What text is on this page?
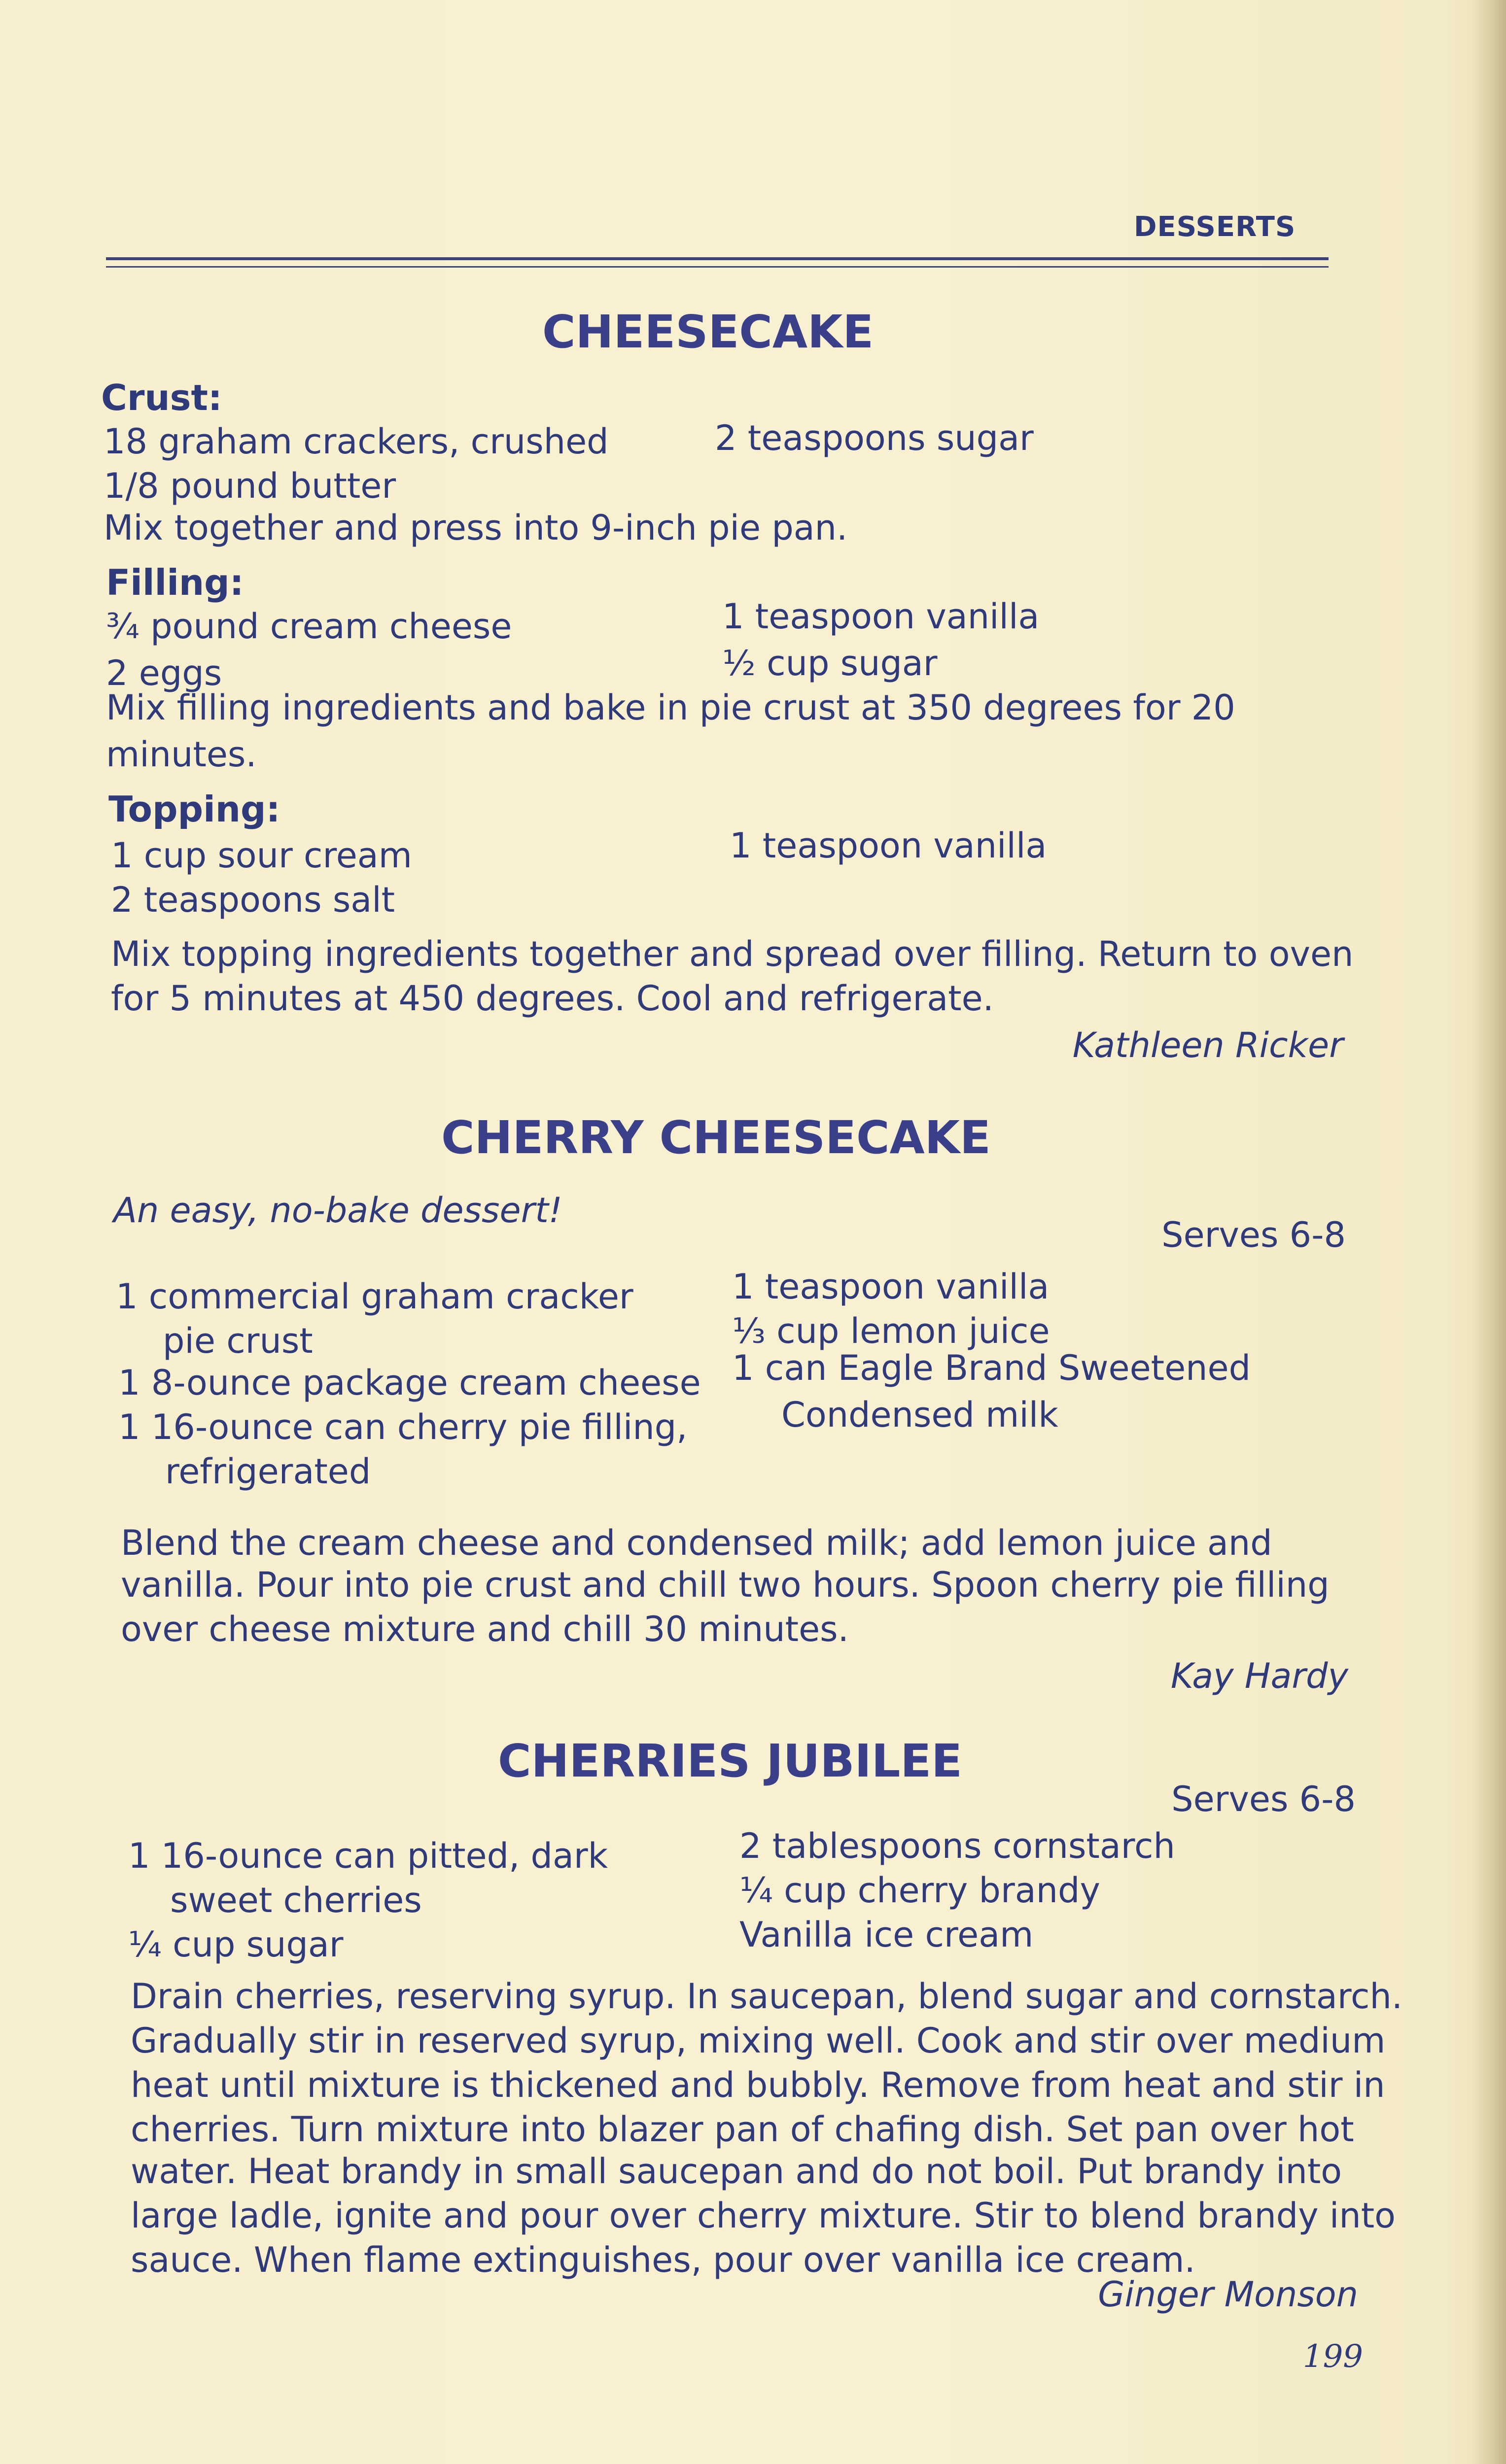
DESSERTS
CHEESECAKE
Crust:
18 graham crackers, crushed	2 teaspoons sugar
1/8 pound butter
Mix together and press into 9-inch pie pan.
Filling:
¾ pound cream cheese	1 teaspoon vanilla
2 eggs	½ cup sugar
Mix filling ingredients and bake in pie crust at 350 degrees for 20
minutes.
Topping:
1 cup sour cream	1 teaspoon vanilla
2 teaspoons salt
Mix topping ingredients together and spread over filling. Return to oven
for 5 minutes at 450 degrees. Cool and refrigerate.
Kathleen Ricker
CHERRY CHEESECAKE
An easy, no-bake dessert!
Serves 6-8
1 commercial graham cracker
pie crust
1 8-ounce package cream cheese
1 16-ounce can cherry pie filling,
refrigerated
1 teaspoon vanilla
⅓ cup lemon juice
1 can Eagle Brand Sweetened
Condensed milk
Blend the cream cheese and condensed milk; add lemon juice and
vanilla. Pour into pie crust and chill two hours. Spoon cherry pie filling
over cheese mixture and chill 30 minutes.
Kay Hardy
CHERRIES JUBILEE
Serves 6-8
1 16-ounce can pitted, dark
sweet cherries
¼ cup sugar
2 tablespoons cornstarch
¼ cup cherry brandy
Vanilla ice cream
Drain cherries, reserving syrup. In saucepan, blend sugar and cornstarch.
Gradually stir in reserved syrup, mixing well. Cook and stir over medium
heat until mixture is thickened and bubbly. Remove from heat and stir in
cherries. Turn mixture into blazer pan of chafing dish. Set pan over hot
water. Heat brandy in small saucepan and do not boil. Put brandy into
large ladle, ignite and pour over cherry mixture. Stir to blend brandy into
sauce. When flame extinguishes, pour over vanilla ice cream.
Ginger Monson
199
